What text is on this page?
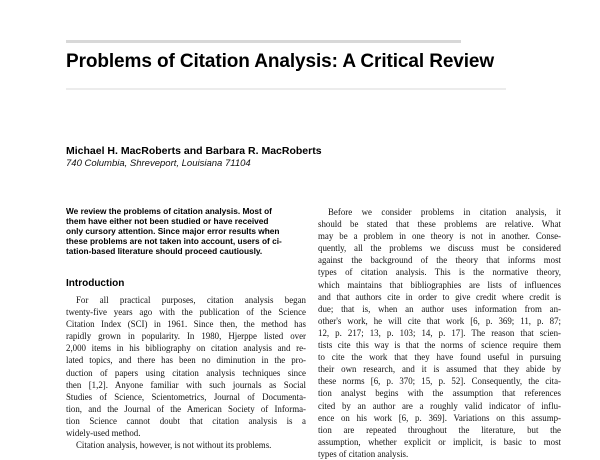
Problems of Citation Analysis: A Critical Review
Michael H. MacRoberts and Barbara R. MacRoberts
740 Columbia, Shreveport, Louisiana 71104
We review the problems of citation analysis. Most of
them have either not been studied or have received
only cursory attention. Since major error results when
these problems are not taken into account, users of ci-
tation-based literature should proceed cautiously.
Introduction
For all practical purposes, citation analysis began
twenty-five years ago with the publication of the Science
Citation Index (SCI) in 1961. Since then, the method has
rapidly grown in popularity. In 1980, Hjerppe listed over
2,000 items in his bibliography on citation analysis and re-
lated topics, and there has been no diminution in the pro-
duction of papers using citation analysis techniques since
then [1,2]. Anyone familiar with such journals as Social
Studies of Science, Scientometrics, Journal of Documenta-
tion, and the Journal of the American Society of Informa-
tion Science cannot doubt that citation analysis is a
widely-used method.
Citation analysis, however, is not without its problems.
Before we consider problems in citation analysis, it
should be stated that these problems are relative. What
may be a problem in one theory is not in another. Conse-
quently, all the problems we discuss must be considered
against the background of the theory that informs most
types of citation analysis. This is the normative theory,
which maintains that bibliographies are lists of influences
and that authors cite in order to give credit where credit is
due; that is, when an author uses information from an-
other's work, he will cite that work [6, p. 369; 11, p. 87;
12, p. 217; 13, p. 103; 14, p. 17]. The reason that scien-
tists cite this way is that the norms of science require them
to cite the work that they have found useful in pursuing
their own research, and it is assumed that they abide by
these norms [6, p. 370; 15, p. 52]. Consequently, the cita-
tion analyst begins with the assumption that references
cited by an author are a roughly valid indicator of influ-
ence on his work [6, p. 369]. Variations on this assump-
tion are repeated throughout the literature, but the
assumption, whether explicit or implicit, is basic to most
types of citation analysis.
